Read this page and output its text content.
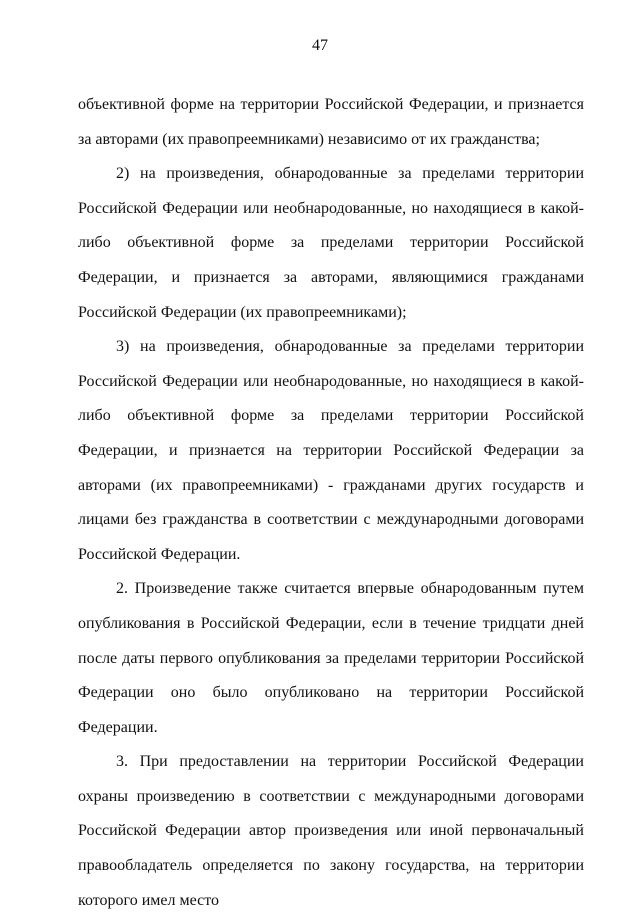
47

объективной форме на территории Российской Федерации, и признается за авторами (их правопреемниками) независимо от их гражданства;

2) на произведения, обнародованные за пределами территории Российской Федерации или необнародованные, но находящиеся в какой-либо объективной форме за пределами территории Российской Федерации, и признается за авторами, являющимися гражданами Российской Федерации (их правопреемниками);

3) на произведения, обнародованные за пределами территории Российской Федерации или необнародованные, но находящиеся в какой-либо объективной форме за пределами территории Российской Федерации, и признается на территории Российской Федерации за авторами (их правопреемниками) - гражданами других государств и лицами без гражданства в соответствии с международными договорами Российской Федерации.

2. Произведение также считается впервые обнародованным путем опубликования в Российской Федерации, если в течение тридцати дней после даты первого опубликования за пределами территории Российской Федерации оно было опубликовано на территории Российской Федерации.

3. При предоставлении на территории Российской Федерации охраны произведению в соответствии с международными договорами Российской Федерации автор произведения или иной первоначальный правообладатель определяется по закону государства, на территории которого имел место
